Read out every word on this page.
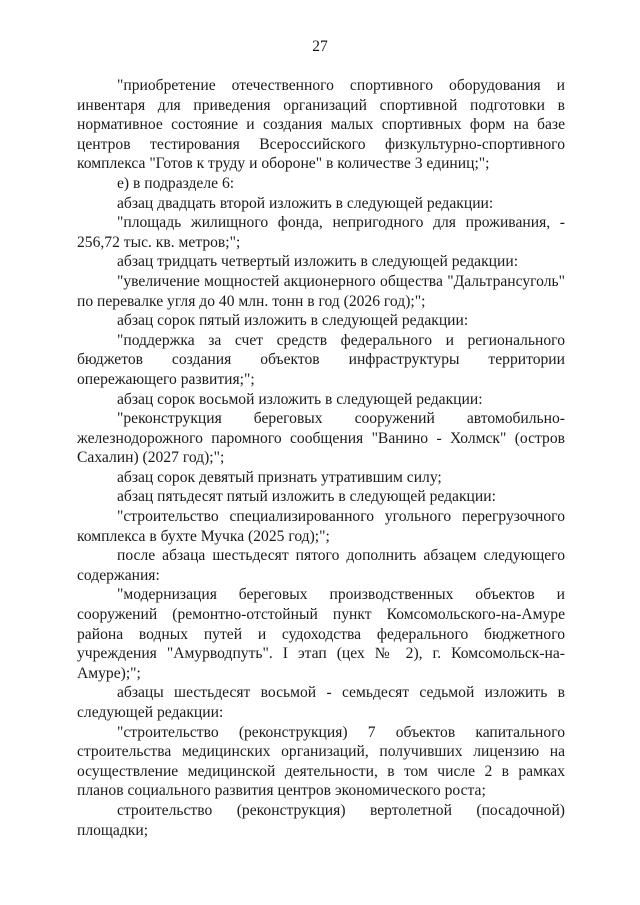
27

"приобретение отечественного спортивного оборудования и инвентаря для приведения организаций спортивной подготовки в нормативное состояние и создания малых спортивных форм на базе центров тестирования Всероссийского физкультурно-спортивного комплекса "Готов к труду и обороне" в количестве 3 единиц;";

е) в подразделе 6:

абзац двадцать второй изложить в следующей редакции:

"площадь жилищного фонда, непригодного для проживания, - 256,72 тыс. кв. метров;";

абзац тридцать четвертый изложить в следующей редакции:

"увеличение мощностей акционерного общества "Дальтрансуголь" по перевалке угля до 40 млн. тонн в год (2026 год);";

абзац сорок пятый изложить в следующей редакции:

"поддержка за счет средств федерального и регионального бюджетов создания объектов инфраструктуры территории опережающего развития;";

абзац сорок восьмой изложить в следующей редакции:

"реконструкция береговых сооружений автомобильно-железнодорожного паромного сообщения "Ванино - Холмск" (остров Сахалин) (2027 год);";

абзац сорок девятый признать утратившим силу;

абзац пятьдесят пятый изложить в следующей редакции:

"строительство специализированного угольного перегрузочного комплекса в бухте Мучка (2025 год);";

после абзаца шестьдесят пятого дополнить абзацем следующего содержания:

"модернизация береговых производственных объектов и сооружений (ремонтно-отстойный пункт Комсомольского-на-Амуре района водных путей и судоходства федерального бюджетного учреждения "Амурводпуть". I этап (цех № 2), г. Комсомольск-на-Амуре);";

абзацы шестьдесят восьмой - семьдесят седьмой изложить в следующей редакции:

"строительство (реконструкция) 7 объектов капитального строительства медицинских организаций, получивших лицензию на осуществление медицинской деятельности, в том числе 2 в рамках планов социального развития центров экономического роста;

строительство (реконструкция) вертолетной (посадочной) площадки;
